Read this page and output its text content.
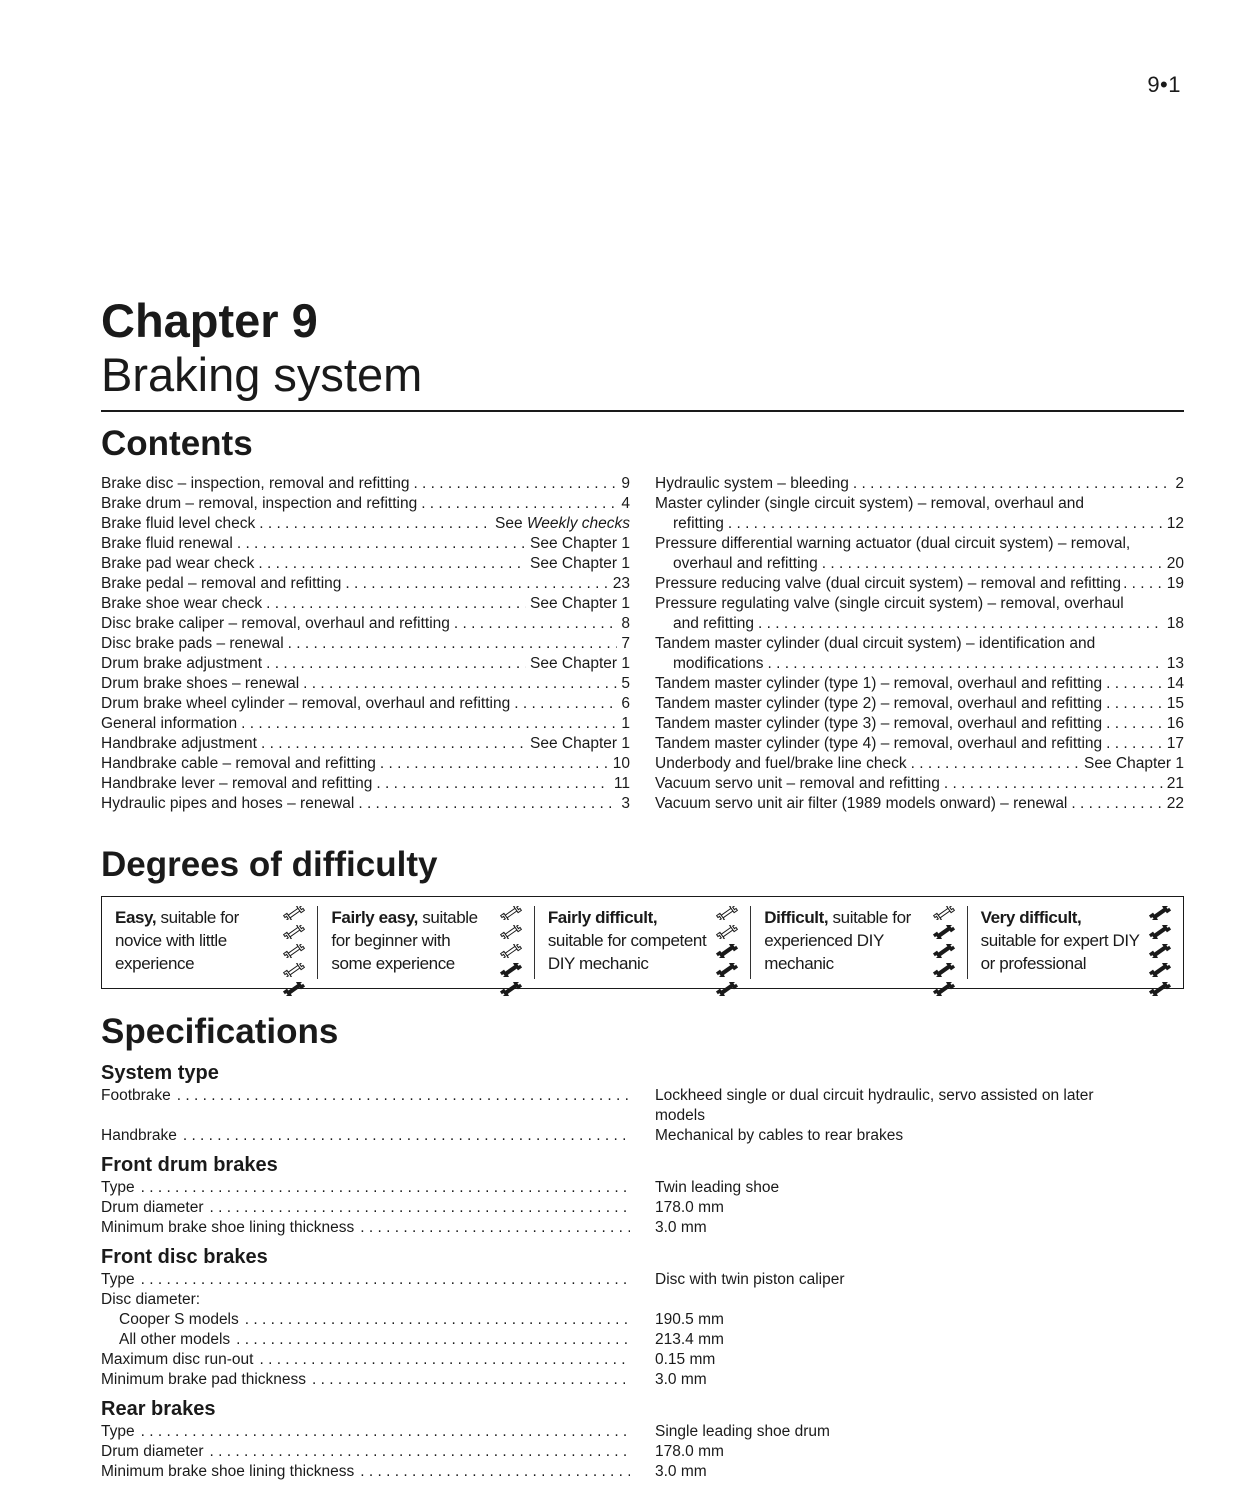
9•1
Chapter 9
Braking system
Contents
Brake disc – inspection, removal and refitting . . .	9
Brake drum – removal, inspection and refitting . . .	4
Brake fluid level check . . .	See Weekly checks
Brake fluid renewal . . .	See Chapter 1
Brake pad wear check . . .	See Chapter 1
Brake pedal – removal and refitting . . .	23
Brake shoe wear check . . .	See Chapter 1
Disc brake caliper – removal, overhaul and refitting . . .	8
Disc brake pads – renewal . . .	7
Drum brake adjustment . . .	See Chapter 1
Drum brake shoes – renewal . . .	5
Drum brake wheel cylinder – removal, overhaul and refitting . . .	6
General information . . .	1
Handbrake adjustment . . .	See Chapter 1
Handbrake cable – removal and refitting . . .	10
Handbrake lever – removal and refitting . . .	11
Hydraulic pipes and hoses – renewal . . .	3
Hydraulic system – bleeding . . .	2
Master cylinder (single circuit system) – removal, overhaul and
refitting . . .	12
Pressure differential warning actuator (dual circuit system) – removal,
overhaul and refitting . . .	20
Pressure reducing valve (dual circuit system) – removal and refitting . . .	19
Pressure regulating valve (single circuit system) – removal, overhaul
and refitting . . .	18
Tandem master cylinder (dual circuit system) – identification and
modifications . . .	13
Tandem master cylinder (type 1) – removal, overhaul and refitting . . .	14
Tandem master cylinder (type 2) – removal, overhaul and refitting . . .	15
Tandem master cylinder (type 3) – removal, overhaul and refitting . . .	16
Tandem master cylinder (type 4) – removal, overhaul and refitting . . .	17
Underbody and fuel/brake line check . . .	See Chapter 1
Vacuum servo unit – removal and refitting . . .	21
Vacuum servo unit air filter (1989 models onward) – renewal . . .	22
Degrees of difficulty
Easy, suitable for
novice with little
experience
Fairly easy, suitable
for beginner with
some experience
Fairly difficult,
suitable for competent
DIY mechanic
Difficult, suitable for
experienced DIY
mechanic
Very difficult,
suitable for expert DIY
or professional
Specifications
System type
Footbrake . . .	Lockheed single or dual circuit hydraulic, servo assisted on later
models
Handbrake . . .	Mechanical by cables to rear brakes
Front drum brakes
Type . . .	Twin leading shoe
Drum diameter . . .	178.0 mm
Minimum brake shoe lining thickness . . .	3.0 mm
Front disc brakes
Type . . .	Disc with twin piston caliper
Disc diameter:
Cooper S models . . .	190.5 mm
All other models . . .	213.4 mm
Maximum disc run-out . . .	0.15 mm
Minimum brake pad thickness . . .	3.0 mm
Rear brakes
Type . . .	Single leading shoe drum
Drum diameter . . .	178.0 mm
Minimum brake shoe lining thickness . . .	3.0 mm
